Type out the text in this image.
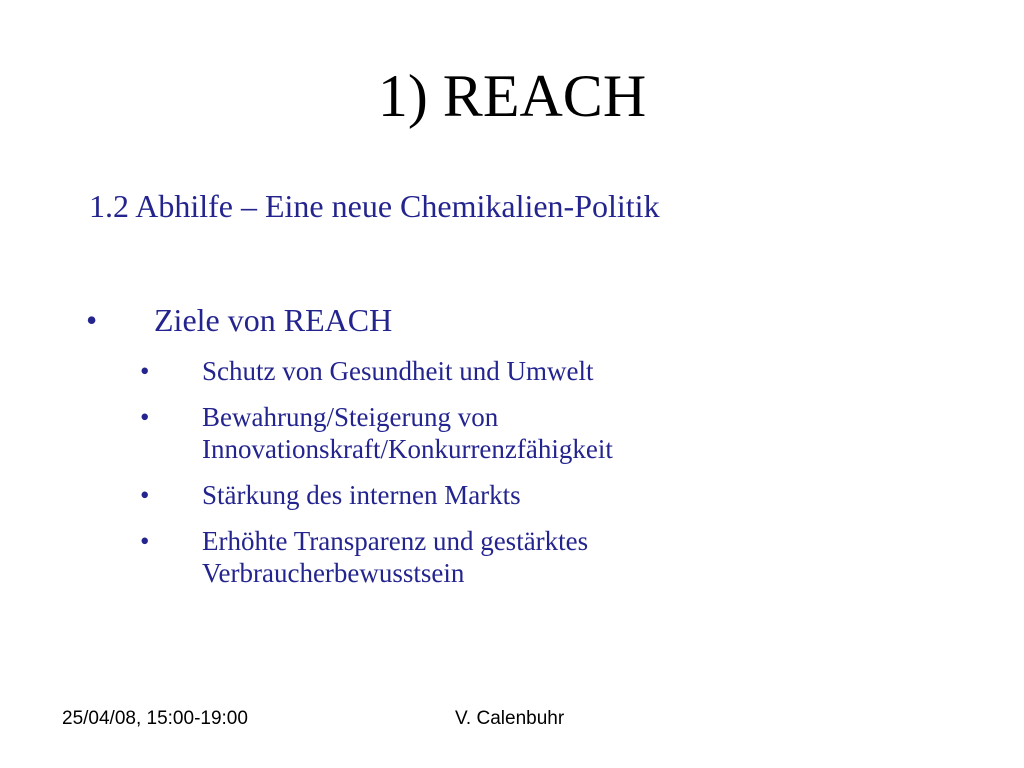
1) REACH
1.2 Abhilfe – Eine neue Chemikalien-Politik
• Ziele von REACH
• Schutz von Gesundheit und Umwelt
• Bewahrung/Steigerung von Innovationskraft/Konkurrenzfähigkeit
• Stärkung des internen Markts
• Erhöhte Transparenz und gestärktes Verbraucherbewusstsein
25/04/08, 15:00-19:00	V. Calenbuhr
